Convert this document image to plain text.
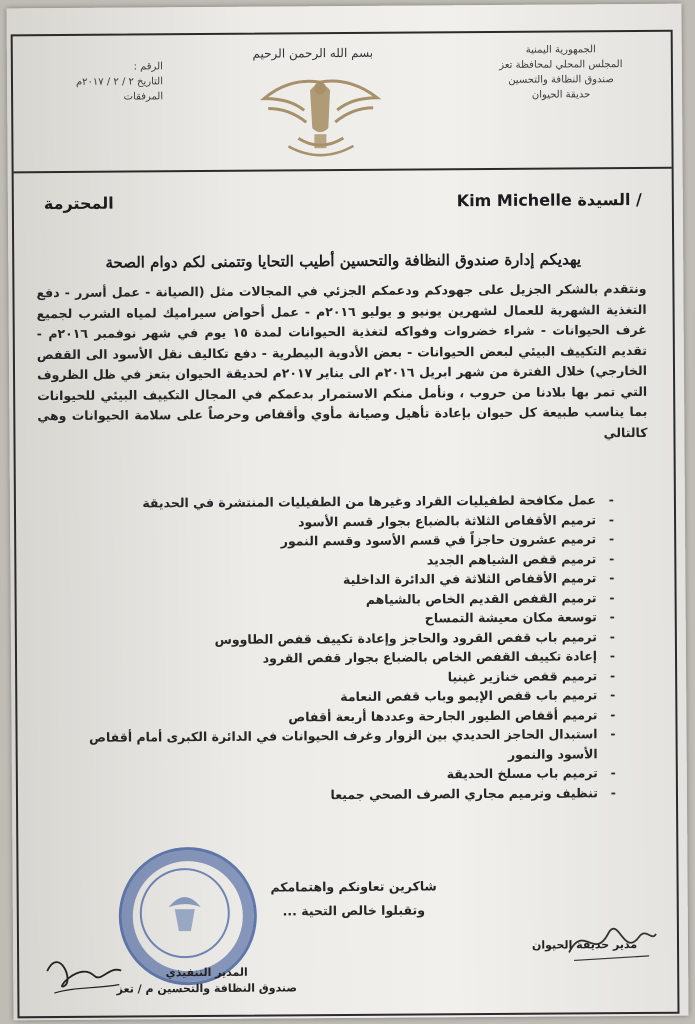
الجمهورية اليمنية
المجلس المحلي لمحافظة تعز
صندوق النظافة والتحسين
حديقة الحيوان
بسم الله الرحمن الرحيم
الرقم :
التاريخ ٢ / ٢ / ٢٠١٧م
المرفقات
Kim Michelle السيدة /
المحترمة
يهديكم إدارة صندوق النظافة والتحسين أطيب التحايا وتتمنى لكم دوام الصحة
ونتقدم بالشكر الجزيل على جهودكم ودعمكم الجزئي في المجالات مثل (الصيانة - عمل أسرر - دفع التغذية الشهرية للعمال لشهرين يونيو و يوليو ٢٠١٦م - عمل أحواض سيراميك لمياه الشرب لجميع غرف الحيوانات - شراء خضروات وفواكه لتغذية الحيوانات لمدة ١٥ يوم في شهر نوفمبر ٢٠١٦م - تقديم التكييف البيئي لبعض الحيوانات - بعض الأدوية البيطرية - دفع تكاليف نقل الأسود الى القفص الخارجي) خلال الفترة من شهر ابريل ٢٠١٦م الى يناير ٢٠١٧م لحديقة الحيوان بتعز في ظل الظروف التي تمر بها بلادنا من حروب ، ونأمل منكم الاستمرار بدعمكم في المجال التكييف البيئي للحيوانات بما يناسب طبيعة كل حيوان بإعادة تأهيل وصيانة مأوي وأقفاص وحرصاً على سلامة الحيوانات وهي كالتالي
- عمل مكافحة لطفيليات القراد وغيرها من الطفيليات المنتشرة في الحديقة
- ترميم الأقفاص الثلاثة بالضباع بجوار قسم الأسود
- ترميم عشرون حاجزاً في قسم الأسود وقسم النمور
- ترميم قفص الشياهم الجديد
- ترميم الأقفاص الثلاثة في الدائرة الداخلية
- ترميم القفص القديم الخاص بالشياهم
- توسعة مكان معيشة التمساح
- ترميم باب قفص القرود والحاجز وإعادة تكييف قفص الطاووس
- إعادة تكييف القفص الخاص بالضباع بجوار قفص القرود
- ترميم قفص خنازير غينيا
- ترميم باب قفص الإيمو وباب قفص النعامة
- ترميم أقفاص الطيور الجارحة وعددها أربعة أقفاص
- استبدال الحاجز الحديدي بين الزوار وغرف الحيوانات في الدائرة الكبرى أمام أقفاص الأسود والنمور
- ترميم باب مسلخ الحديقة
- تنظيف وترميم مجاري الصرف الصحي جميعا
شاكرين تعاونكم واهتمامكم
وتقبلوا خالص التحية ...
مدير حديقة الحيوان
المدير التنفيذي
صندوق النظافة والتحسين م / تعز
